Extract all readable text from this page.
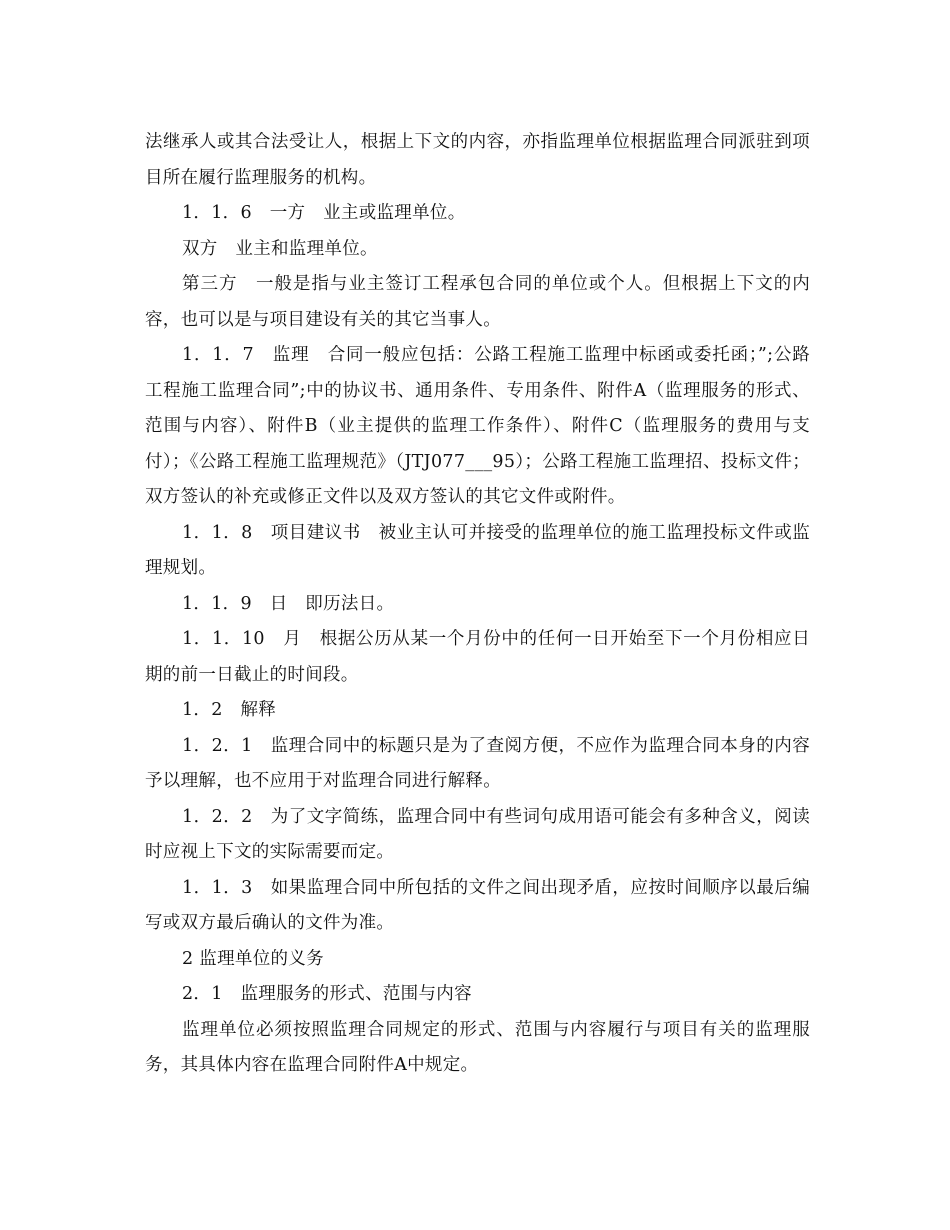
法继承人或其合法受让人，根据上下文的内容，亦指监理单位根据监理合同派驻到项目所在履行监理服务的机构。

1．1．6　一方　业主或监理单位。

双方　业主和监理单位。

第三方　一般是指与业主签订工程承包合同的单位或个人。但根据上下文的内容，也可以是与项目建设有关的其它当事人。

1．1．7　监理　合同一般应包括：公路工程施工监理中标函或委托函；”;公路工程施工监理合同”;中的协议书、通用条件、专用条件、附件A（监理服务的形式、范围与内容）、附件B（业主提供的监理工作条件）、附件C（监理服务的费用与支付）；《公路工程施工监理规范》（JTJ077___95）；公路工程施工监理招、投标文件；双方签认的补充或修正文件以及双方签认的其它文件或附件。

1．1．8　项目建议书　被业主认可并接受的监理单位的施工监理投标文件或监理规划。

1．1．9　日　即历法日。

1．1．10　月　根据公历从某一个月份中的任何一日开始至下一个月份相应日期的前一日截止的时间段。

1．2　解释

1．2．1　监理合同中的标题只是为了查阅方便，不应作为监理合同本身的内容予以理解，也不应用于对监理合同进行解释。

1．2．2　为了文字简练，监理合同中有些词句成用语可能会有多种含义，阅读时应视上下文的实际需要而定。

1．1．3　如果监理合同中所包括的文件之间出现矛盾，应按时间顺序以最后编写或双方最后确认的文件为准。

2 监理单位的义务

2．1　监理服务的形式、范围与内容

监理单位必须按照监理合同规定的形式、范围与内容履行与项目有关的监理服务，其具体内容在监理合同附件A中规定。
